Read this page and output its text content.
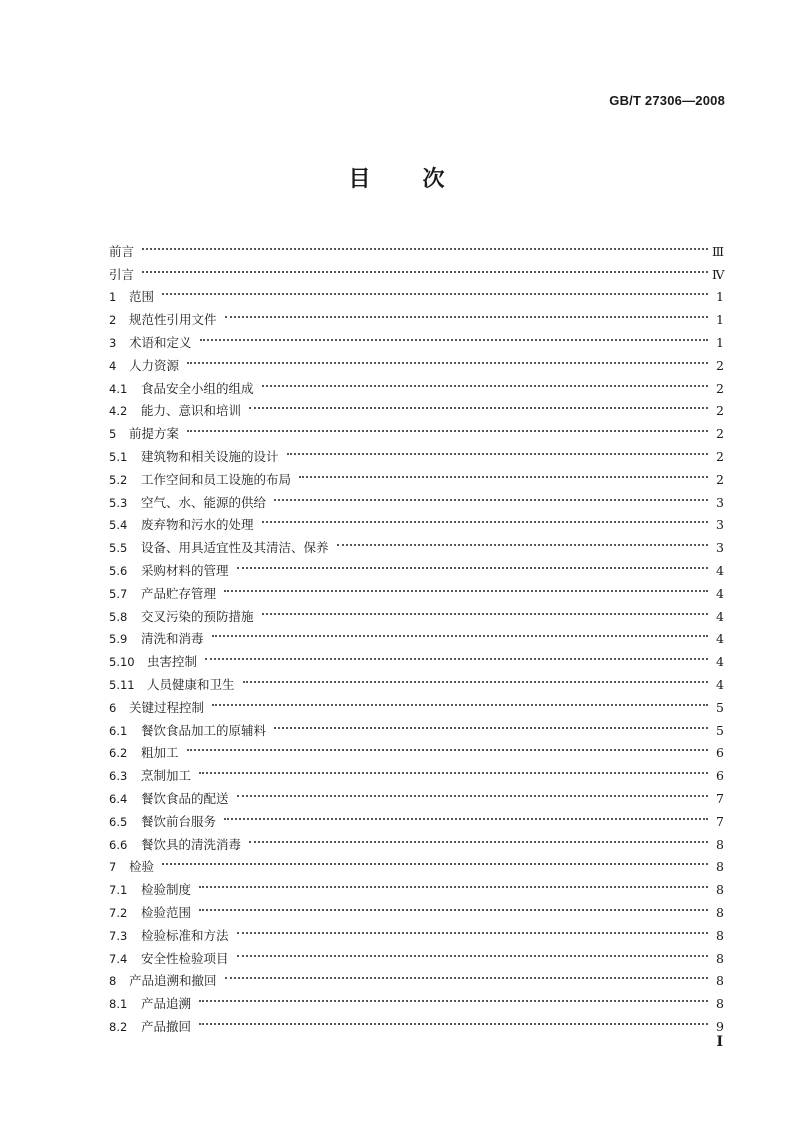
GB/T 27306—2008
目 次
前言	Ⅲ
引言	Ⅳ
1	范围	1
2	规范性引用文件	1
3	术语和定义	1
4	人力资源	2
4.1	食品安全小组的组成	2
4.2	能力、意识和培训	2
5	前提方案	2
5.1	建筑物和相关设施的设计	2
5.2	工作空间和员工设施的布局	2
5.3	空气、水、能源的供给	3
5.4	废弃物和污水的处理	3
5.5	设备、用具适宜性及其清洁、保养	3
5.6	采购材料的管理	4
5.7	产品贮存管理	4
5.8	交叉污染的预防措施	4
5.9	清洗和消毒	4
5.10 虫害控制	4
5.11 人员健康和卫生	4
6	关键过程控制	5
6.1	餐饮食品加工的原辅料	5
6.2	粗加工	6
6.3	烹制加工	6
6.4	餐饮食品的配送	7
6.5	餐饮前台服务	7
6.6	餐饮具的清洗消毒	8
7	检验	8
7.1	检验制度	8
7.2	检验范围	8
7.3	检验标准和方法	8
7.4	安全性检验项目	8
8	产品追溯和撤回	8
8.1	产品追溯	8
8.2	产品撤回	9
I
